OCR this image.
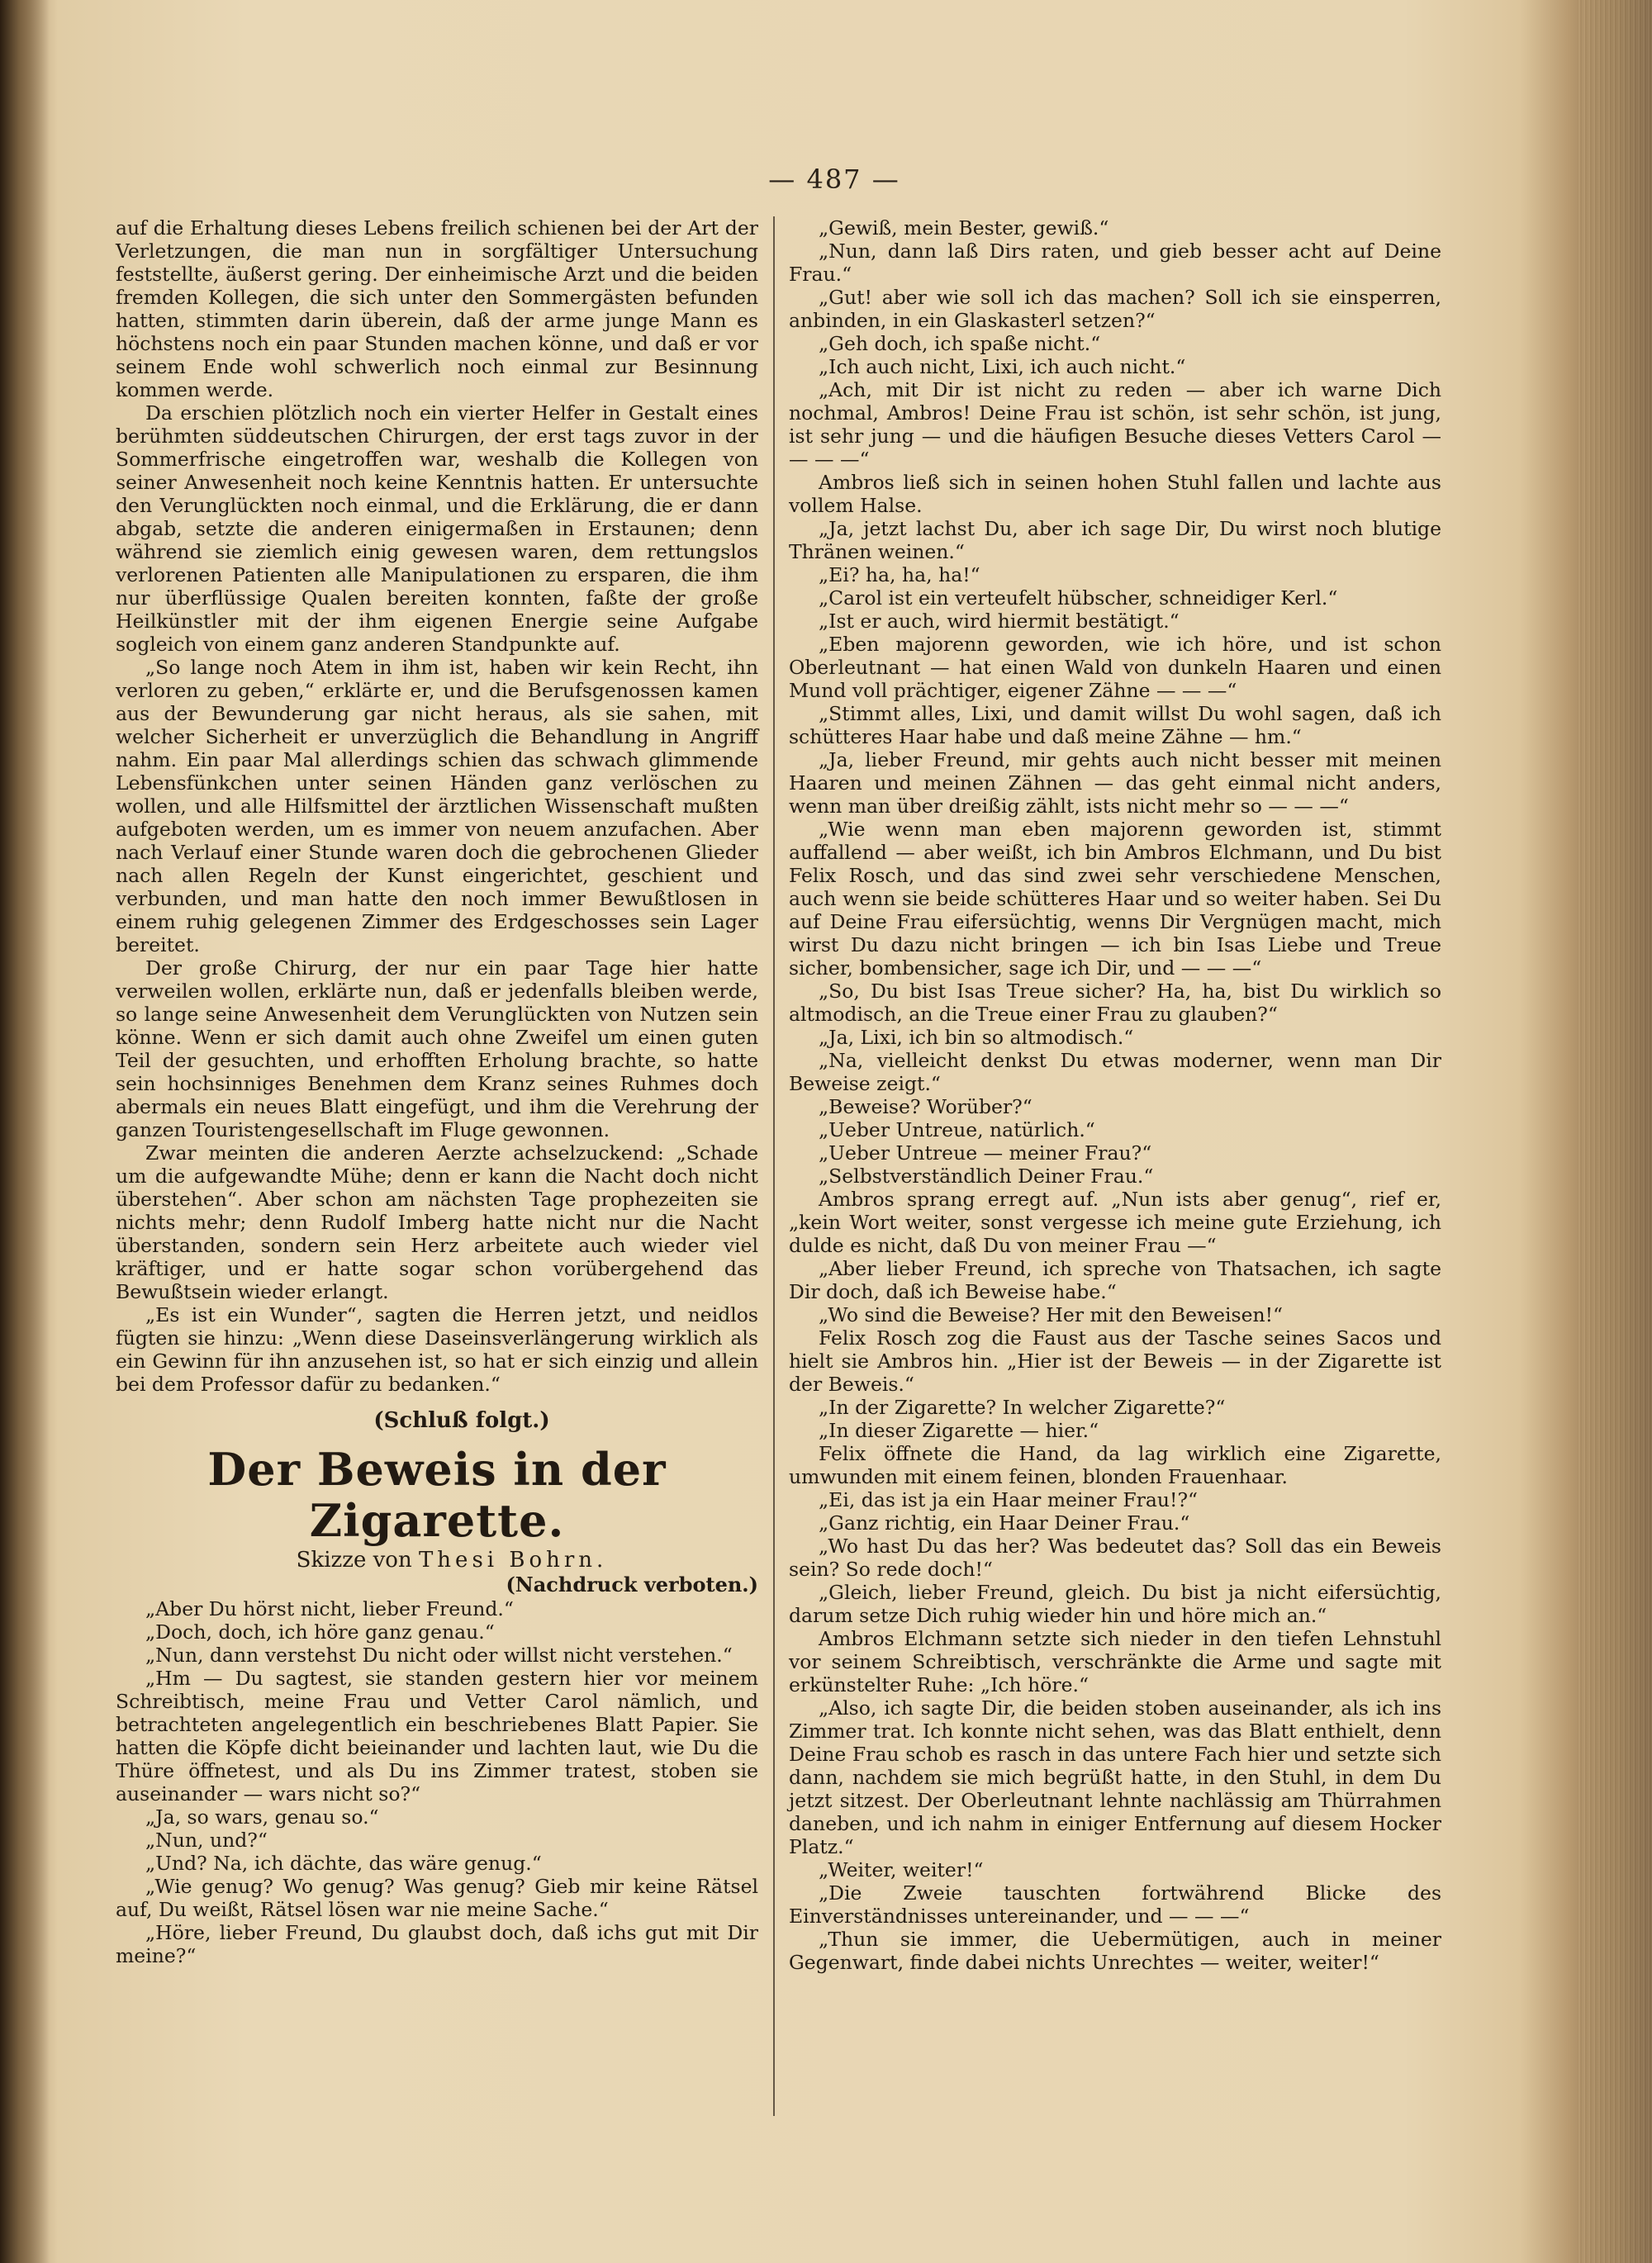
— 487 —

auf die Erhaltung dieses Lebens freilich schienen bei der Art der Verletzungen, die man nun in sorgfältiger Untersuchung feststellte, äußerst gering. Der einheimische Arzt und die beiden fremden Kollegen, die sich unter den Sommergästen befunden hatten, stimmten darin überein, daß der arme junge Mann es höchstens noch ein paar Stunden machen könne, und daß er vor seinem Ende wohl schwerlich noch einmal zur Besinnung kommen werde.

Da erschien plötzlich noch ein vierter Helfer in Gestalt eines berühmten süddeutschen Chirurgen, der erst tags zuvor in der Sommerfrische eingetroffen war, weshalb die Kollegen von seiner Anwesenheit noch keine Kenntnis hatten. Er untersuchte den Verunglückten noch einmal, und die Erklärung, die er dann abgab, setzte die anderen einigermaßen in Erstaunen; denn während sie ziemlich einig gewesen waren, dem rettungslos verlorenen Patienten alle Manipulationen zu ersparen, die ihm nur überflüssige Qualen bereiten konnten, faßte der große Heilkünstler mit der ihm eigenen Energie seine Aufgabe sogleich von einem ganz anderen Standpunkte auf.

„So lange noch Atem in ihm ist, haben wir kein Recht, ihn verloren zu geben,“ erklärte er, und die Berufsgenossen kamen aus der Bewunderung gar nicht heraus, als sie sahen, mit welcher Sicherheit er unverzüglich die Behandlung in Angriff nahm. Ein paar Mal allerdings schien das schwach glimmende Lebensfünkchen unter seinen Händen ganz verlöschen zu wollen, und alle Hilfsmittel der ärztlichen Wissenschaft mußten aufgeboten werden, um es immer von neuem anzufachen. Aber nach Verlauf einer Stunde waren doch die gebrochenen Glieder nach allen Regeln der Kunst eingerichtet, geschient und verbunden, und man hatte den noch immer Bewußtlosen in einem ruhig gelegenen Zimmer des Erdgeschosses sein Lager bereitet.

Der große Chirurg, der nur ein paar Tage hier hatte verweilen wollen, erklärte nun, daß er jedenfalls bleiben werde, so lange seine Anwesenheit dem Verunglückten von Nutzen sein könne. Wenn er sich damit auch ohne Zweifel um einen guten Teil der gesuchten, und erhofften Erholung brachte, so hatte sein hochsinniges Benehmen dem Kranz seines Ruhmes doch abermals ein neues Blatt eingefügt, und ihm die Verehrung der ganzen Touristengesellschaft im Fluge gewonnen.

Zwar meinten die anderen Aerzte achselzuckend: „Schade um die aufgewandte Mühe; denn er kann die Nacht doch nicht überstehen“. Aber schon am nächsten Tage prophezeiten sie nichts mehr; denn Rudolf Imberg hatte nicht nur die Nacht überstanden, sondern sein Herz arbeitete auch wieder viel kräftiger, und er hatte sogar schon vorübergehend das Bewußtsein wieder erlangt.

„Es ist ein Wunder“, sagten die Herren jetzt, und neidlos fügten sie hinzu: „Wenn diese Daseinsverlängerung wirklich als ein Gewinn für ihn anzusehen ist, so hat er sich einzig und allein bei dem Professor dafür zu bedanken.“

(Schluß folgt.)

Der Beweis in der Zigarette.

Skizze von Thesi Bohrn.

(Nachdruck verboten.)

„Aber Du hörst nicht, lieber Freund.“

„Doch, doch, ich höre ganz genau.“

„Nun, dann verstehst Du nicht oder willst nicht verstehen.“

„Hm — Du sagtest, sie standen gestern hier vor meinem Schreibtisch, meine Frau und Vetter Carol nämlich, und betrachteten angelegentlich ein beschriebenes Blatt Papier. Sie hatten die Köpfe dicht beieinander und lachten laut, wie Du die Thüre öffnetest, und als Du ins Zimmer tratest, stoben sie auseinander — wars nicht so?“

„Ja, so wars, genau so.“

„Nun, und?“

„Und? Na, ich dächte, das wäre genug.“

„Wie genug? Wo genug? Was genug? Gieb mir keine Rätsel auf, Du weißt, Rätsel lösen war nie meine Sache.“

„Höre, lieber Freund, Du glaubst doch, daß ichs gut mit Dir meine?“

„Gewiß, mein Bester, gewiß.“

„Nun, dann laß Dirs raten, und gieb besser acht auf Deine Frau.“

„Gut! aber wie soll ich das machen? Soll ich sie einsperren, anbinden, in ein Glaskasterl setzen?“

„Geh doch, ich spaße nicht.“

„Ich auch nicht, Lixi, ich auch nicht.“

„Ach, mit Dir ist nicht zu reden — aber ich warne Dich nochmal, Ambros! Deine Frau ist schön, ist sehr schön, ist jung, ist sehr jung — und die häufigen Besuche dieses Vetters Carol — — — —“

Ambros ließ sich in seinen hohen Stuhl fallen und lachte aus vollem Halse.

„Ja, jetzt lachst Du, aber ich sage Dir, Du wirst noch blutige Thränen weinen.“

„Ei? ha, ha, ha!“

„Carol ist ein verteufelt hübscher, schneidiger Kerl.“

„Ist er auch, wird hiermit bestätigt.“

„Eben majorenn geworden, wie ich höre, und ist schon Oberleutnant — hat einen Wald von dunkeln Haaren und einen Mund voll prächtiger, eigener Zähne — — —“

„Stimmt alles, Lixi, und damit willst Du wohl sagen, daß ich schütteres Haar habe und daß meine Zähne — hm.“

„Ja, lieber Freund, mir gehts auch nicht besser mit meinen Haaren und meinen Zähnen — das geht einmal nicht anders, wenn man über dreißig zählt, ists nicht mehr so — — —“

„Wie wenn man eben majorenn geworden ist, stimmt auffallend — aber weißt, ich bin Ambros Elchmann, und Du bist Felix Rosch, und das sind zwei sehr verschiedene Menschen, auch wenn sie beide schütteres Haar und so weiter haben. Sei Du auf Deine Frau eifersüchtig, wenns Dir Vergnügen macht, mich wirst Du dazu nicht bringen — ich bin Isas Liebe und Treue sicher, bombensicher, sage ich Dir, und — — —“

„So, Du bist Isas Treue sicher? Ha, ha, bist Du wirklich so altmodisch, an die Treue einer Frau zu glauben?“

„Ja, Lixi, ich bin so altmodisch.“

„Na, vielleicht denkst Du etwas moderner, wenn man Dir Beweise zeigt.“

„Beweise? Worüber?“

„Ueber Untreue, natürlich.“

„Ueber Untreue — meiner Frau?“

„Selbstverständlich Deiner Frau.“

Ambros sprang erregt auf. „Nun ists aber genug“, rief er, „kein Wort weiter, sonst vergesse ich meine gute Erziehung, ich dulde es nicht, daß Du von meiner Frau —“

„Aber lieber Freund, ich spreche von Thatsachen, ich sagte Dir doch, daß ich Beweise habe.“

„Wo sind die Beweise? Her mit den Beweisen!“

Felix Rosch zog die Faust aus der Tasche seines Sacos und hielt sie Ambros hin. „Hier ist der Beweis — in der Zigarette ist der Beweis.“

„In der Zigarette? In welcher Zigarette?“

„In dieser Zigarette — hier.“

Felix öffnete die Hand, da lag wirklich eine Zigarette, umwunden mit einem feinen, blonden Frauenhaar.

„Ei, das ist ja ein Haar meiner Frau!?“

„Ganz richtig, ein Haar Deiner Frau.“

„Wo hast Du das her? Was bedeutet das? Soll das ein Beweis sein? So rede doch!“

„Gleich, lieber Freund, gleich. Du bist ja nicht eifersüchtig, darum setze Dich ruhig wieder hin und höre mich an.“

Ambros Elchmann setzte sich nieder in den tiefen Lehnstuhl vor seinem Schreibtisch, verschränkte die Arme und sagte mit erkünstelter Ruhe: „Ich höre.“

„Also, ich sagte Dir, die beiden stoben auseinander, als ich ins Zimmer trat. Ich konnte nicht sehen, was das Blatt enthielt, denn Deine Frau schob es rasch in das untere Fach hier und setzte sich dann, nachdem sie mich begrüßt hatte, in den Stuhl, in dem Du jetzt sitzest. Der Oberleutnant lehnte nachlässig am Thürrahmen daneben, und ich nahm in einiger Entfernung auf diesem Hocker Platz.“

„Weiter, weiter!“

„Die Zweie tauschten fortwährend Blicke des Einverständnisses untereinander, und — — —“

„Thun sie immer, die Uebermütigen, auch in meiner Gegenwart, finde dabei nichts Unrechtes — weiter, weiter!“
